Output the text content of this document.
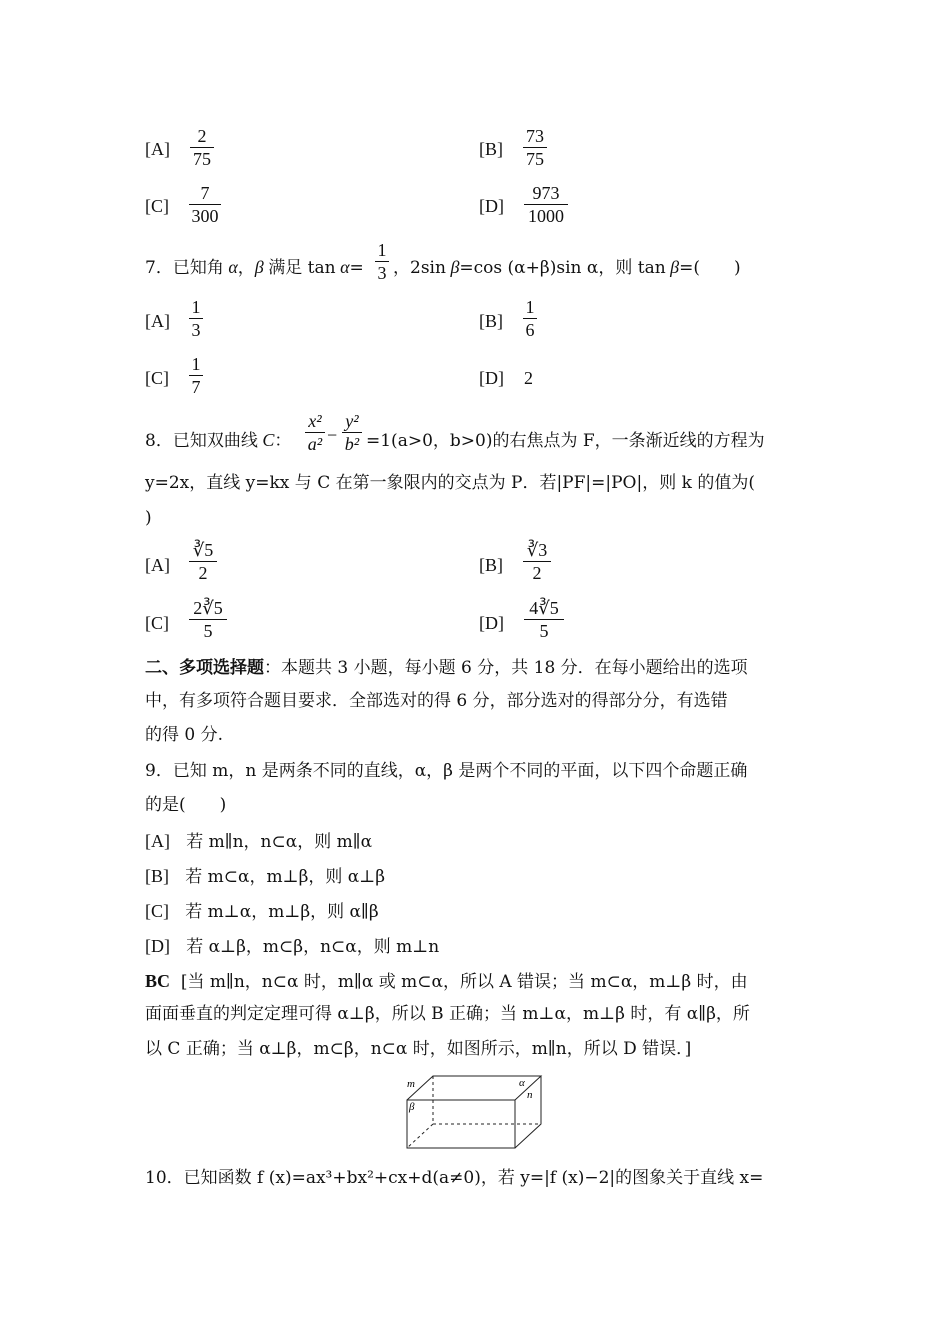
$[A] \frac{2}{75}$	$[B] \frac{73}{75}$
$[C] \frac{7}{300}$	$[D] \frac{973}{1000}$
7．已知角 α，β 满足 $\tan \alpha= \frac{1}{3}$ ，2sin β=cos (α+β)sin α，则 tan β=(　　)
$[A] \frac{1}{3}$	$[B] \frac{1}{6}$
$[C] \frac{1}{7}$	[D] 2
8．已知双曲线 C： $\frac{\text{x²}}{\text{a²}} - \frac{\text{y²}}{\text{b²}} =1(a>0$，b>0)的右焦点为 F，一条渐近线的方程为
y=2x，直线 y=kx 与 C 在第一象限内的交点为 P．若|PF|=|PO|，则 k 的值为(
)
$[A] \frac{∛5}{2}$	$[B] \frac{∛3}{2}$
$[C] \frac{2∛5}{5}$	$[D] \frac{4∛5}{5}$
二、多项选择题：本题共 3 小题，每小题 6 分，共 18 分．在每小题给出的选项
中，有多项符合题目要求．全部选对的得 6 分，部分选对的得部分分，有选错
的得 0 分.
9．已知 m，n 是两条不同的直线，α，β 是两个不同的平面，以下四个命题正确
的是(　　)
[A] 若 m∥n，n⊂α，则 m∥α
[B] 若 m⊂α，m⊥β，则 α⊥β
[C] 若 m⊥α，m⊥β，则 α∥β
[D] 若 α⊥β，m⊂β，n⊂α，则 m⊥n
BC [当 m∥n，n⊂α 时，m∥α 或 m⊂α，所以 A 错误；当 m⊂α，m⊥β 时，由
面面垂直的判定定理可得 α⊥β，所以 B 正确；当 m⊥α，m⊥β 时，有 α∥β，所
以 C 正确；当 α⊥β，m⊂β，n⊂α 时，如图所示，m∥n，所以 D 错误．]
m
β
α
n
10．已知函数 f (x)=ax³+bx²+cx+d(a≠0)，若 y=|f (x)−2|的图象关于直线 x=
